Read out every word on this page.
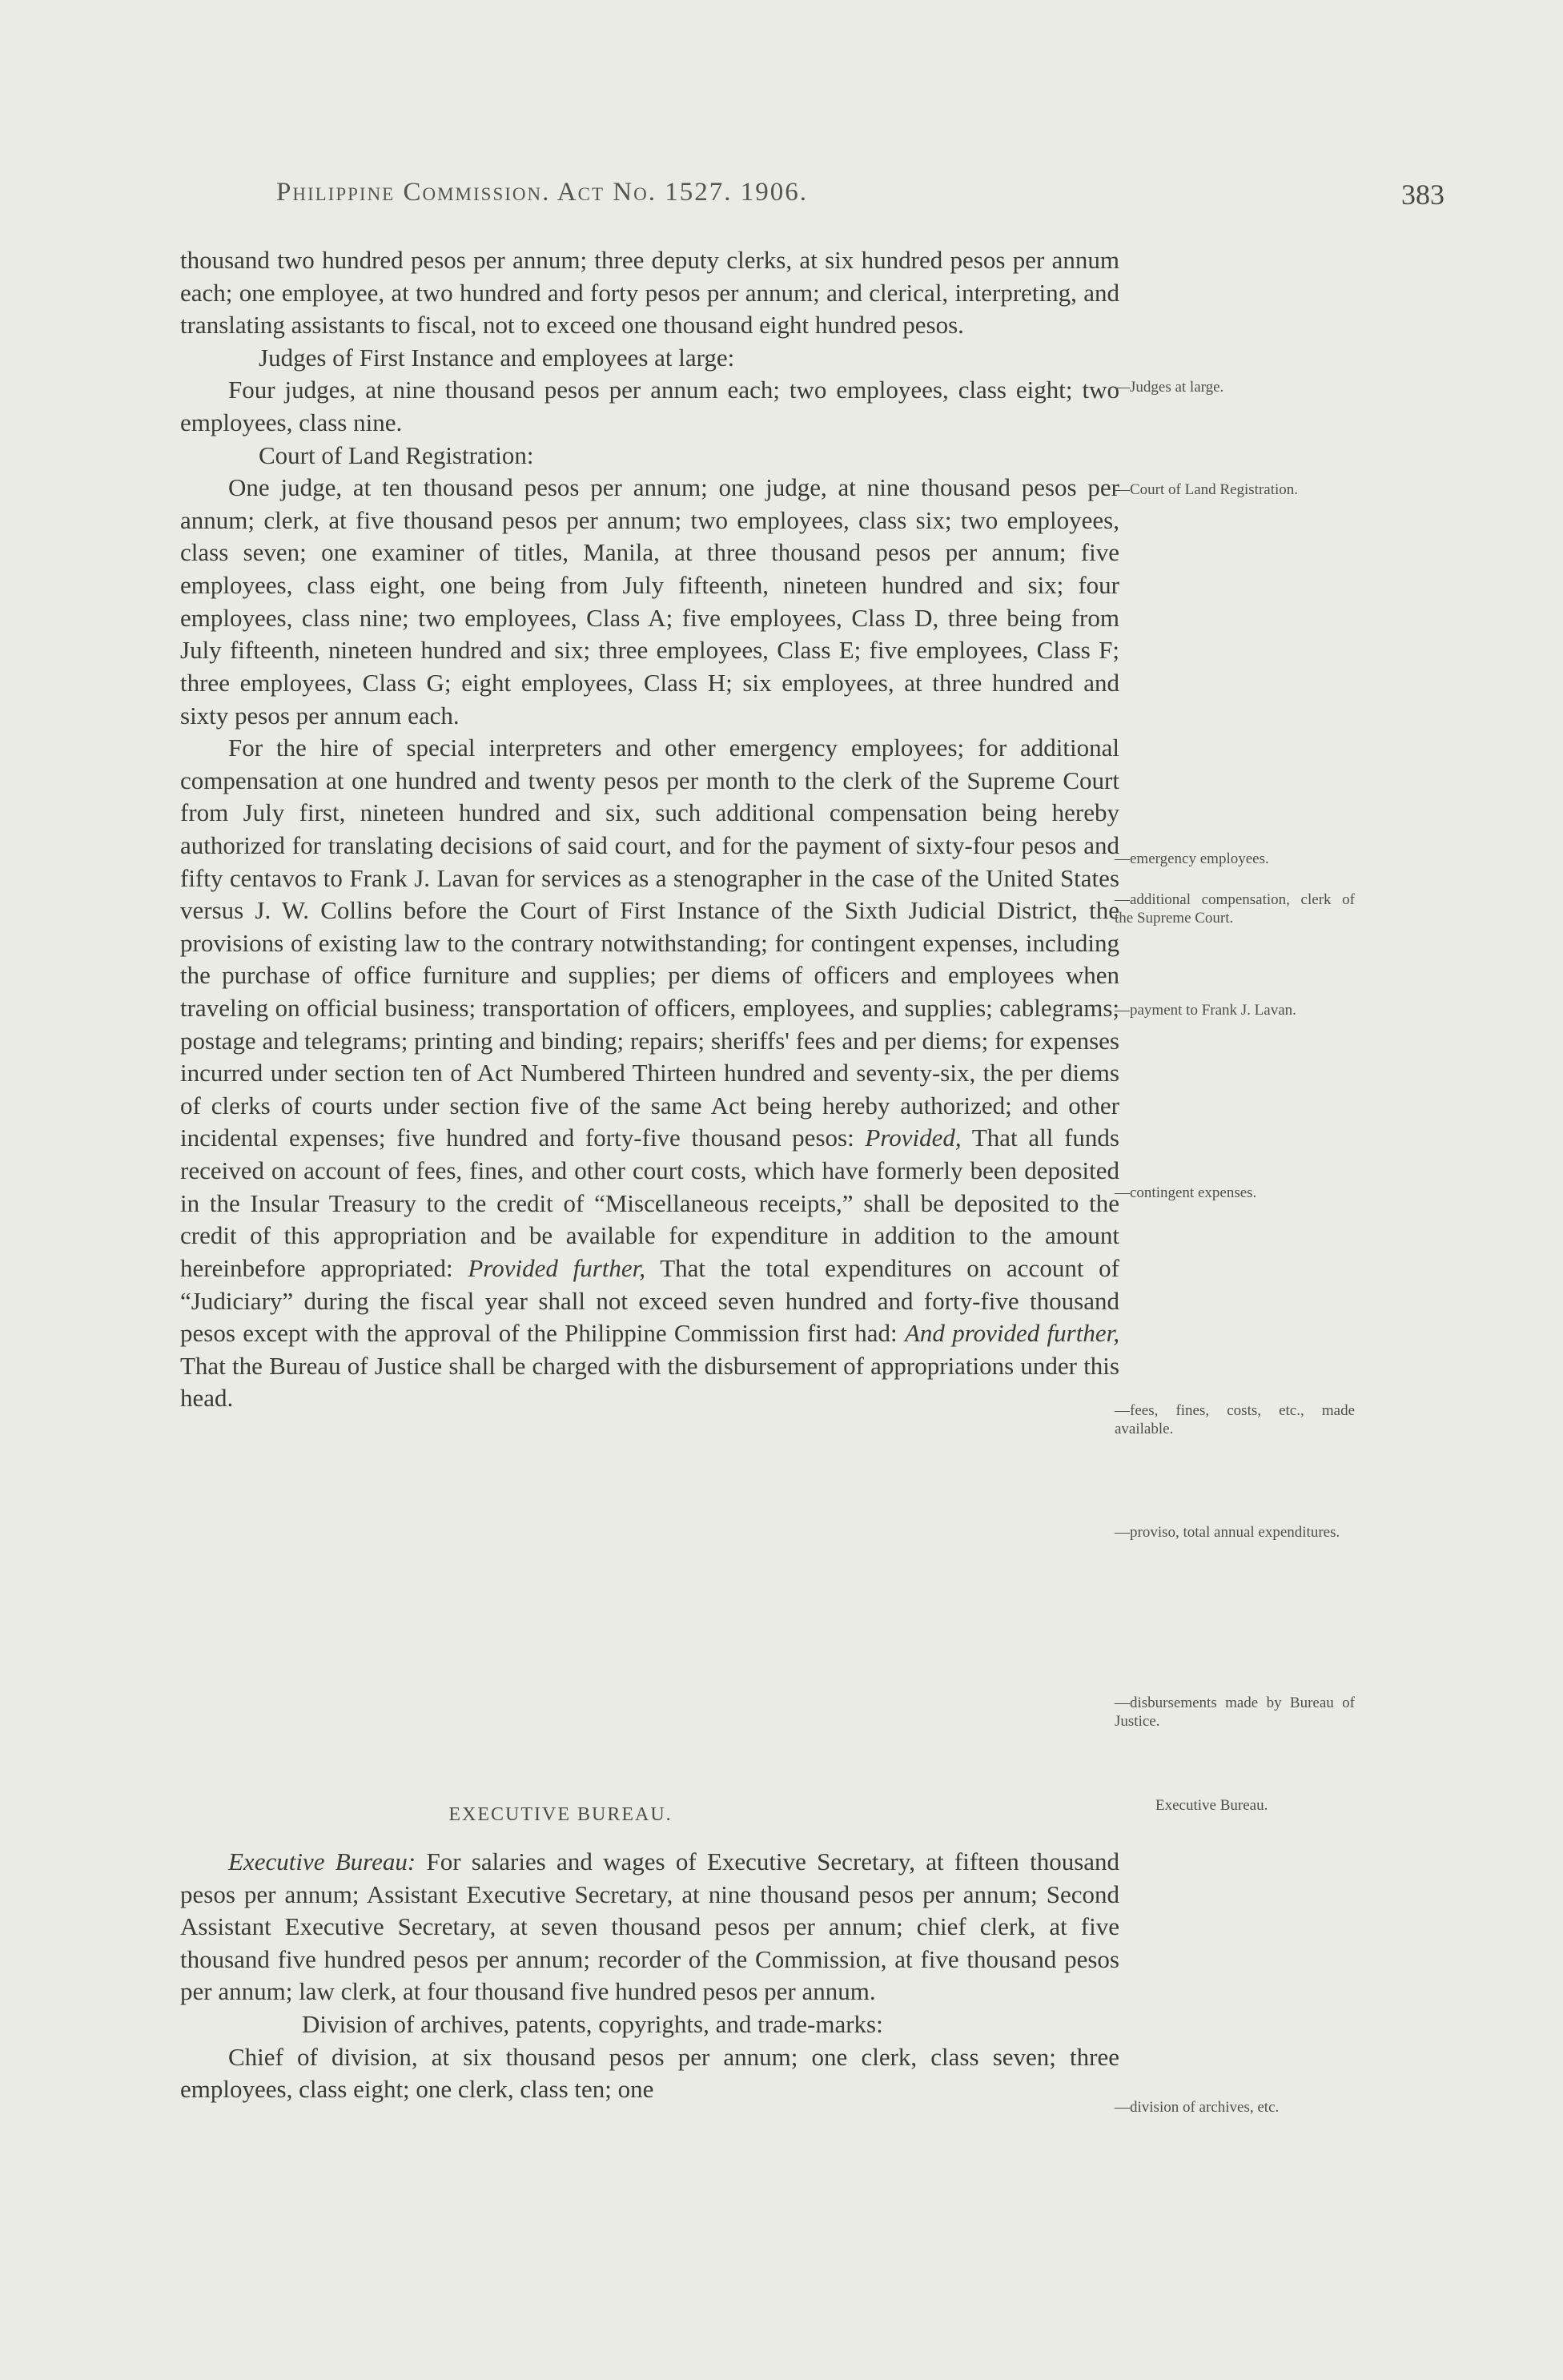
Philippine Commission. Act No. 1527. 1906.	383

thousand two hundred pesos per annum; three deputy clerks, at six hundred pesos per annum each; one employee, at two hundred and forty pesos per annum; and clerical, interpreting, and translating assistants to fiscal, not to exceed one thousand eight hundred pesos.

Judges of First Instance and employees at large:

Four judges, at nine thousand pesos per annum each; two employees, class eight; two employees, class nine.

Court of Land Registration:

One judge, at ten thousand pesos per annum; one judge, at nine thousand pesos per annum; clerk, at five thousand pesos per annum; two employees, class six; two employees, class seven; one examiner of titles, Manila, at three thousand pesos per annum; five employees, class eight, one being from July fifteenth, nineteen hundred and six; four employees, class nine; two employees, Class A; five employees, Class D, three being from July fifteenth, nineteen hundred and six; three employees, Class E; five employees, Class F; three employees, Class G; eight employees, Class H; six employees, at three hundred and sixty pesos per annum each.

For the hire of special interpreters and other emergency employees; for additional compensation at one hundred and twenty pesos per month to the clerk of the Supreme Court from July first, nineteen hundred and six, such additional compensation being hereby authorized for translating decisions of said court, and for the payment of sixty-four pesos and fifty centavos to Frank J. Lavan for services as a stenographer in the case of the United States versus J. W. Collins before the Court of First Instance of the Sixth Judicial District, the provisions of existing law to the contrary notwithstanding; for contingent expenses, including the purchase of office furniture and supplies; per diems of officers and employees when traveling on official business; transportation of officers, employees, and supplies; cablegrams; postage and telegrams; printing and binding; repairs; sheriffs' fees and per diems; for expenses incurred under section ten of Act Numbered Thirteen hundred and seventy-six, the per diems of clerks of courts under section five of the same Act being hereby authorized; and other incidental expenses; five hundred and forty-five thousand pesos: Provided, That all funds received on account of fees, fines, and other court costs, which have formerly been deposited in the Insular Treasury to the credit of “Miscellaneous receipts,” shall be deposited to the credit of this appropriation and be available for expenditure in addition to the amount hereinbefore appropriated: Provided further, That the total expenditures on account of “Judiciary” during the fiscal year shall not exceed seven hundred and forty-five thousand pesos except with the approval of the Philippine Commission first had: And provided further, That the Bureau of Justice shall be charged with the disbursement of appropriations under this head.

EXECUTIVE BUREAU.

Executive Bureau: For salaries and wages of Executive Secretary, at fifteen thousand pesos per annum; Assistant Executive Secretary, at nine thousand pesos per annum; Second Assistant Executive Secretary, at seven thousand pesos per annum; chief clerk, at five thousand five hundred pesos per annum; recorder of the Commission, at five thousand pesos per annum; law clerk, at four thousand five hundred pesos per annum.

Division of archives, patents, copyrights, and trade-marks:

Chief of division, at six thousand pesos per annum; one clerk, class seven; three employees, class eight; one clerk, class ten; one

—Judges at large.
—Court of Land Registration.
—emergency employees.
—additional compensation, clerk of the Supreme Court.
—payment to Frank J. Lavan.
—contingent expenses.
—fees, fines, costs, etc., made available.
—proviso, total annual expenditures.
—disbursements made by Bureau of Justice.
Executive Bureau.
—division of archives, etc.
